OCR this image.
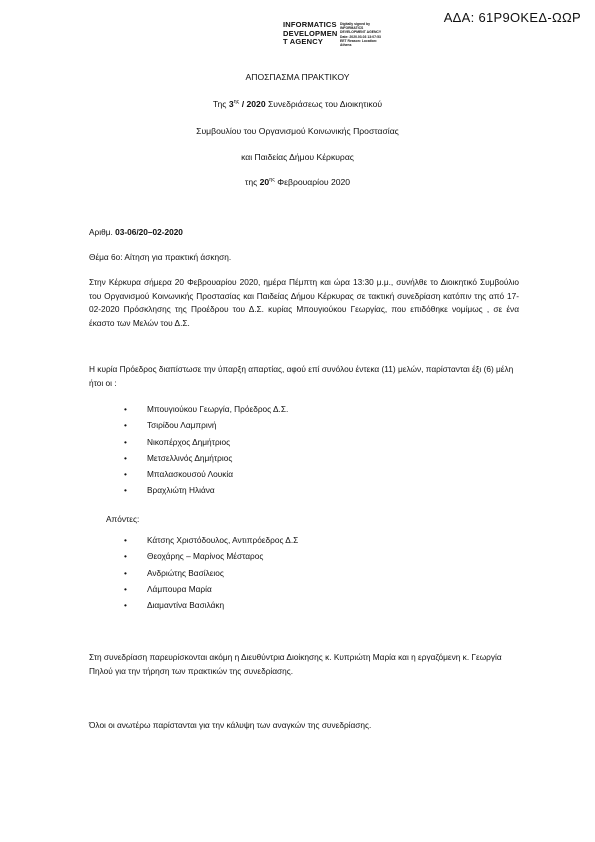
ΑΔΑ: 61Ρ9ΟΚΕΔ-ΩΩΡ
INFORMATICS
DEVELOPMEN
T AGENCY
Digitally signed by INFORMATICS DEVELOPMENT AGENCY Date: 2020.03.03 13:07:53 EET Reason: Location: Athens
ΑΠΟΣΠΑΣΜΑ ΠΡΑΚΤΙΚΟΥ
Της $3^{\eta\varsigma} / 2020$ Συνεδριάσεως του Διοικητικού
Συμβουλίου του Οργανισμού Κοινωνικής Προστασίας
και Παιδείας Δήμου Κέρκυρας
της $20^{\eta\varsigma}$ Φεβρουαρίου 2020
Αριθμ. 03-06/20–02-2020
Θέμα 6ο: Αίτηση για πρακτική άσκηση.
Στην Κέρκυρα σήμερα 20 Φεβρουαρίου 2020, ημέρα Πέμπτη και ώρα 13:30 μ.μ., συνήλθε το Διοικητικό Συμβούλιο του Οργανισμού Κοινωνικής Προστασίας και Παιδείας Δήμου Κέρκυρας σε τακτική συνεδρίαση κατόπιν της από 17-02-2020 Πρόσκλησης της Προέδρου του Δ.Σ. κυρίας Μπουγιούκου Γεωργίας, που επιδόθηκε νομίμως , σε ένα έκαστο των Μελών του Δ.Σ.
Η κυρία Πρόεδρος διαπίστωσε την ύπαρξη απαρτίας, αφού επί συνόλου έντεκα (11) μελών, παρίστανται έξι (6) μέλη ήτοι οι :
• Μπουγιούκου Γεωργία, Πρόεδρος Δ.Σ.
• Τσιρίδου Λαμπρινή
• Νικοπέρχος Δημήτριος
• Μετσελλινός Δημήτριος
• Μπαλασκουσού Λουκία
• Βραχλιώτη Ηλιάνα
Απόντες:
• Κάτσης Χριστόδουλος, Αντιπρόεδρος Δ.Σ
• Θεοχάρης – Μαρίνος Μέσταρος
• Ανδριώτης Βασίλειος
• Λάμπουρα Μαρία
• Διαμαντίνα Βασιλάκη
Στη συνεδρίαση παρευρίσκονται ακόμη η Διευθύντρια Διοίκησης κ. Κυπριώτη Μαρία και η εργαζόμενη κ. Γεωργία Πηλού για την τήρηση των πρακτικών της συνεδρίασης.
Όλοι οι ανωτέρω παρίστανται για την κάλυψη των αναγκών της συνεδρίασης.
